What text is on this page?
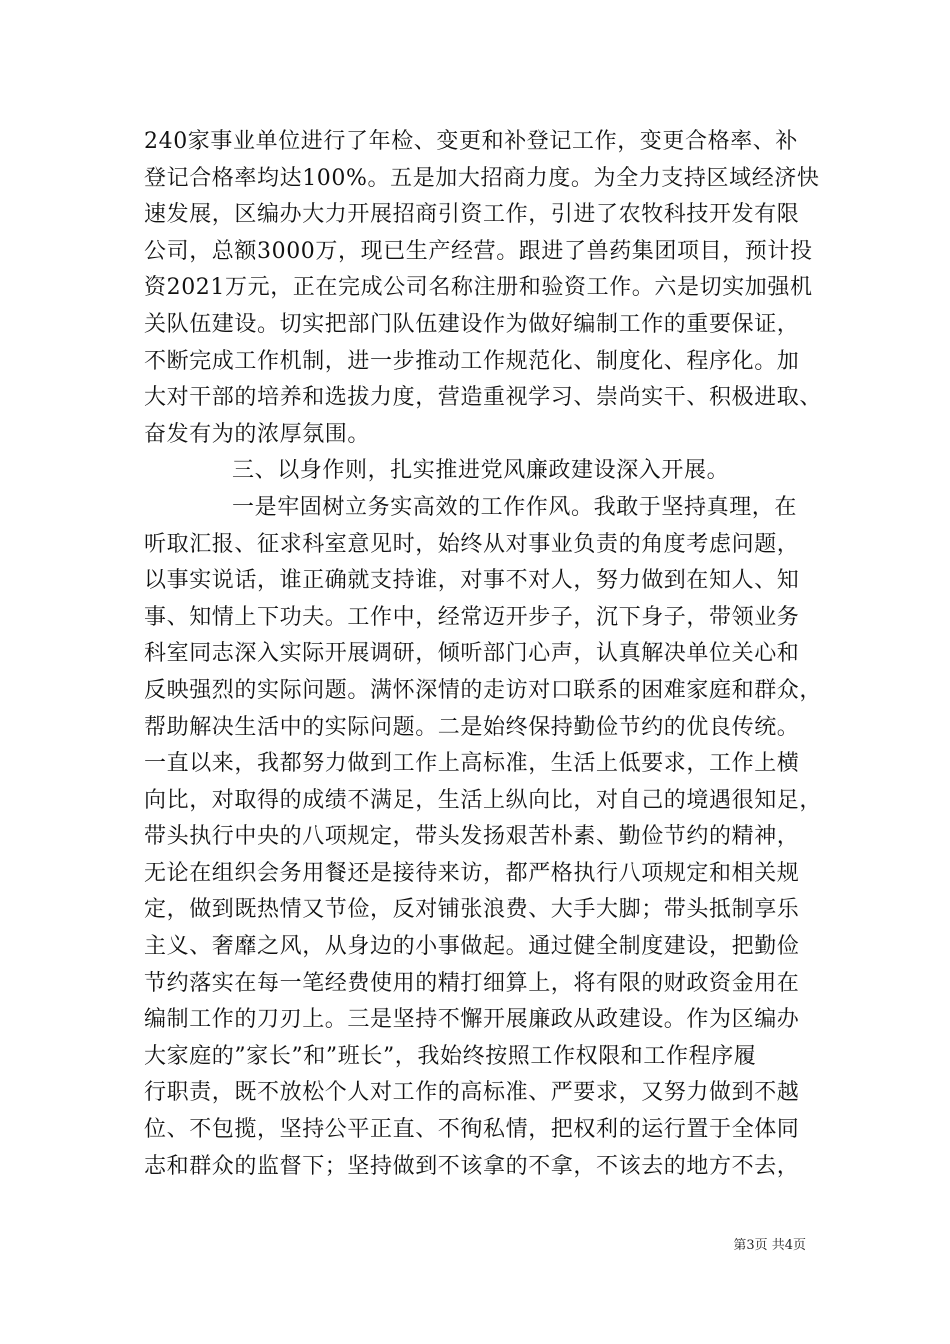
240家事业单位进行了年检、变更和补登记工作，变更合格率、补
登记合格率均达100%。五是加大招商力度。为全力支持区域经济快
速发展，区编办大力开展招商引资工作，引进了农牧科技开发有限
公司，总额3000万，现已生产经营。跟进了兽药集团项目，预计投
资2021万元，正在完成公司名称注册和验资工作。六是切实加强机
关队伍建设。切实把部门队伍建设作为做好编制工作的重要保证，
不断完成工作机制，进一步推动工作规范化、制度化、程序化。加
大对干部的培养和选拔力度，营造重视学习、崇尚实干、积极进取、
奋发有为的浓厚氛围。
三、以身作则，扎实推进党风廉政建设深入开展。
一是牢固树立务实高效的工作作风。我敢于坚持真理，在
听取汇报、征求科室意见时，始终从对事业负责的角度考虑问题，
以事实说话，谁正确就支持谁，对事不对人，努力做到在知人、知
事、知情上下功夫。工作中，经常迈开步子，沉下身子，带领业务
科室同志深入实际开展调研，倾听部门心声，认真解决单位关心和
反映强烈的实际问题。满怀深情的走访对口联系的困难家庭和群众，
帮助解决生活中的实际问题。二是始终保持勤俭节约的优良传统。
一直以来，我都努力做到工作上高标准，生活上低要求，工作上横
向比，对取得的成绩不满足，生活上纵向比，对自己的境遇很知足，
带头执行中央的八项规定，带头发扬艰苦朴素、勤俭节约的精神，
无论在组织会务用餐还是接待来访，都严格执行八项规定和相关规
定，做到既热情又节俭，反对铺张浪费、大手大脚；带头抵制享乐
主义、奢靡之风，从身边的小事做起。通过健全制度建设，把勤俭
节约落实在每一笔经费使用的精打细算上，将有限的财政资金用在
编制工作的刀刃上。三是坚持不懈开展廉政从政建设。作为区编办
大家庭的”家长”和”班长”，我始终按照工作权限和工作程序履
行职责，既不放松个人对工作的高标准、严要求，又努力做到不越
位、不包揽，坚持公平正直、不徇私情，把权利的运行置于全体同
志和群众的监督下；坚持做到不该拿的不拿，不该去的地方不去，
第3页 共4页
